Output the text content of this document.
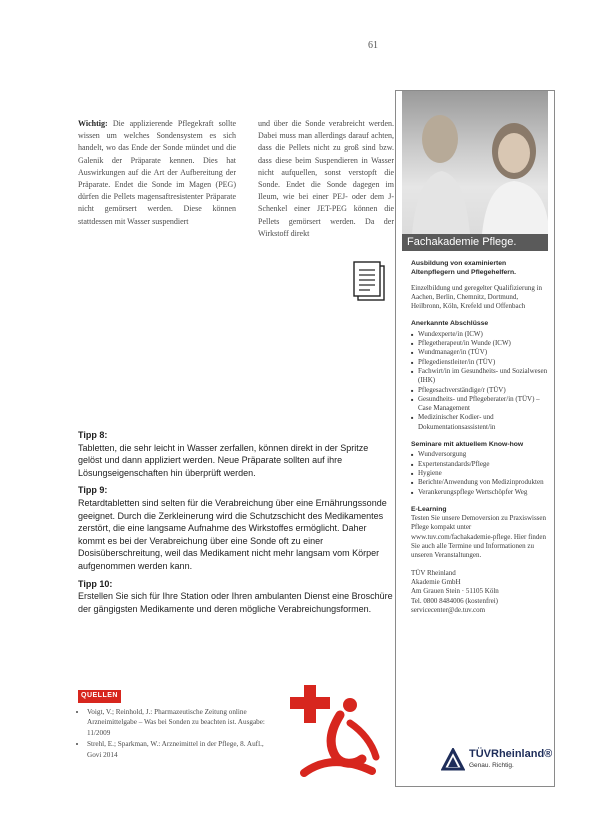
61
Wichtig: Die applizierende Pflegekraft sollte wissen um welches Sondensystem es sich handelt, wo das Ende der Sonde mündet und die Galenik der Präparate kennen. Dies hat Auswirkungen auf die Art der Aufbereitung der Präparate. Endet die Sonde im Magen (PEG) dürfen die Pellets magensaftresistenter Präparate nicht gemörsert werden. Diese können stattdessen mit Wasser suspendiert
und über die Sonde verabreicht werden. Dabei muss man allerdings darauf achten, dass die Pellets nicht zu groß sind bzw. dass diese beim Suspendieren in Wasser nicht aufquellen, sonst verstopft die Sonde. Endet die Sonde dagegen im Ileum, wie bei einer PEJ- oder dem J-Schenkel einer JET-PEG können die Pellets gemörsert werden. Da der Wirkstoff direkt

Tipp 8:

Tabletten, die sehr leicht in Wasser zerfallen, können direkt in der Spritze gelöst und dann appliziert werden. Neue Präparate sollten auf ihre Lösungseigenschaften hin überprüft werden.

Tipp 9:

Retardtabletten sind selten für die Verabreichung über eine Ernährungssonde geeignet. Durch die Zerkleinerung wird die Schutzschicht des Medikamentes zerstört, die eine langsame Aufnahme des Wirkstoffes ermöglicht. Daher kommt es bei der Verabreichung über eine Sonde oft zu einer Dosisüberschreitung, weil das Medikament nicht mehr langsam vom Körper aufgenommen werden kann.

Tipp 10:

Erstellen Sie sich für Ihre Station oder Ihren ambulanten Dienst eine Broschüre der gängigsten Medikamente und deren mögliche Verabreichungsformen.

QUELLEN
• Voigt, V.; Reinhold, J.: Pharmazeutische Zeitung online Arzneimittelgabe – Was bei Sonden zu beachten ist. Ausgabe: 11/2009
• Strehl, E.; Sparkman, W.: Arzneimittel in der Pflege, 8. Aufl., Govi 2014
Fachakademie Pflege.

Ausbildung von examinierten Altenpflegern und Pflegehelfern.

Einzelbildung und geregelter Qualifizierung in Aachen, Berlin, Chemnitz, Dortmund, Heilbronn, Köln, Krefeld und Offenbach

Anerkannte Abschlüsse

■ Wundexperte/in (ICW)
■ Pflegetherapeut/in Wunde (ICW)
■ Wundmanager/in (TÜV)
■ Pflegedienstleiter/in (TÜV)
■ Fachwirt/in im Gesundheits- und Sozialwesen (IHK)
■ Pflegesachverständige/r (TÜV)
■ Gesundheits- und Pflegeberater/in (TÜV) – Case Management
■ Medizinischer Kodier- und Dokumentationsassistent/in

Seminare mit aktuellem Know-how

■ Wundversorgung
■ Expertenstandards/Pflege
■ Hygiene
■ Berichte/Anwendung von Medizinprodukten
■ Verankerungspflege Wertschöpfer Weg

E-Learning

Testen Sie unsere Demoversion zu Praxiswissen Pflege kompakt unter www.tuv.com/fachakademie-pflege. Hier finden Sie auch alle Termine und Informationen zu unseren Veranstaltungen.

TÜV Rheinland

Akademie GmbH

Am Grauen Stein · 51105 Köln

Tel. 0800 8484006 (kostenfrei)

servicecenter@de.tuv.com

TÜVRheinland®
Genau. Richtig.
